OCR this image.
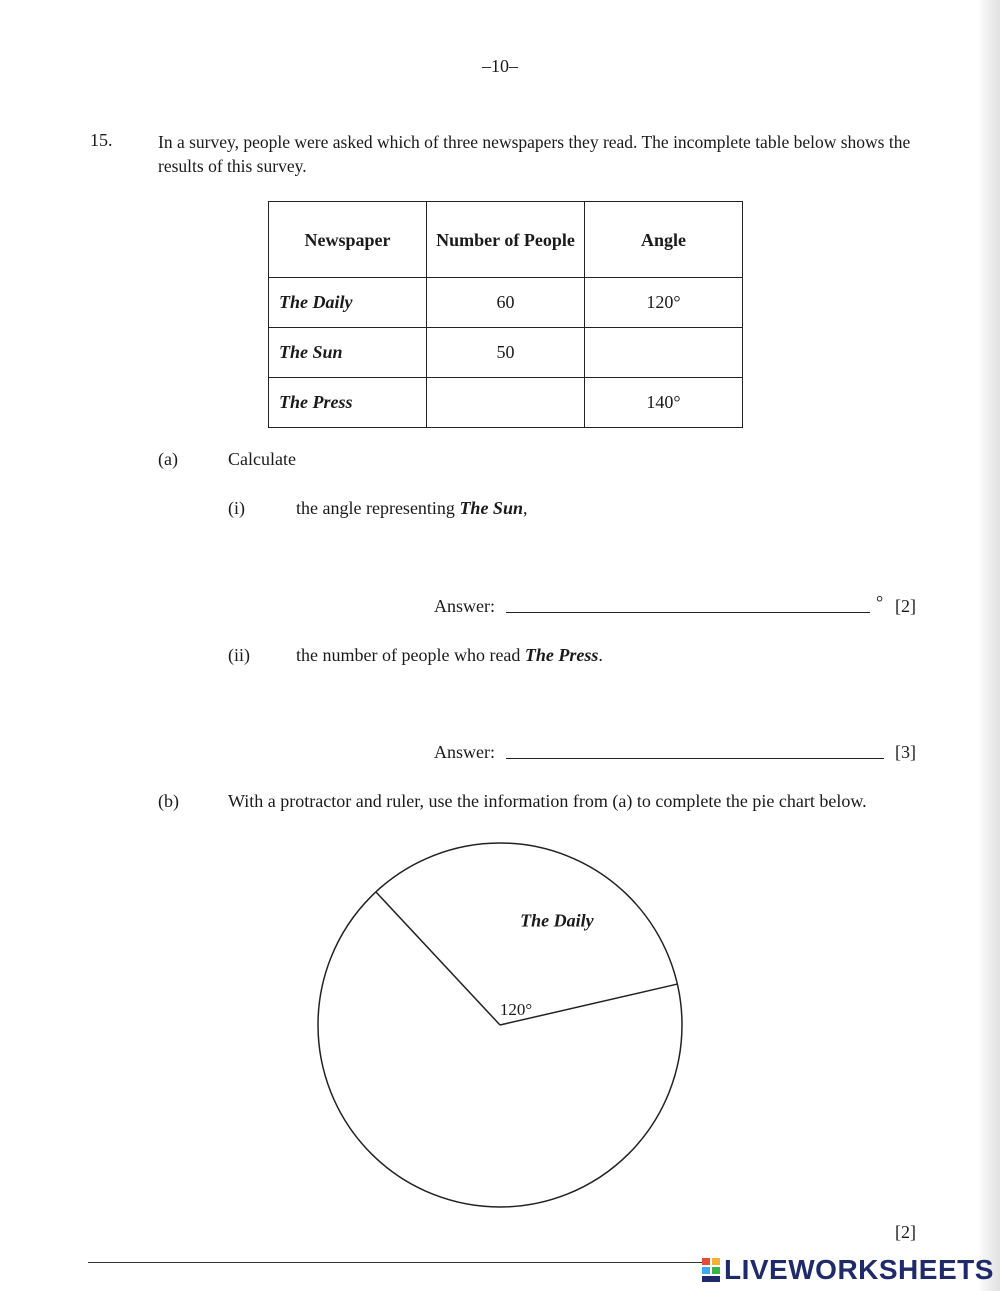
–10–
15.	In a survey, people were asked which of three newspapers they read. The incomplete table below shows the results of this survey.
Newspaper	Number of People	Angle
The Daily	60	120°
The Sun	50	
The Press		140°
(a)	Calculate
(i)	the angle representing The Sun,
Answer:	° [2]
(ii)	the number of people who read The Press.
Answer:	[3]
(b)	With a protractor and ruler, use the information from (a) to complete the pie chart below.
The Daily
120°
[2]
LIVEWORKSHEETS
